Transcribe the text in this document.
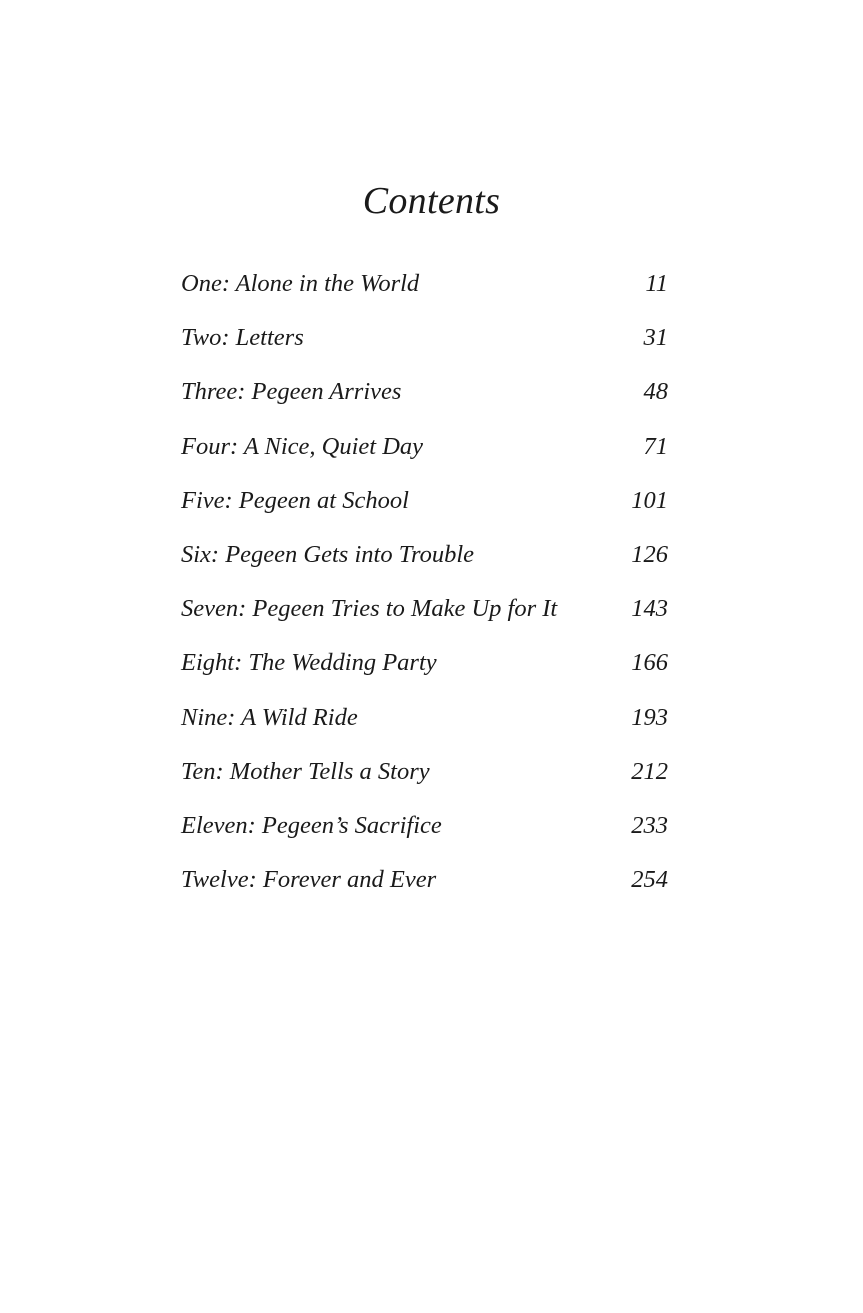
Contents
One: Alone in the World	11
Two: Letters	31
Three: Pegeen Arrives	48
Four: A Nice, Quiet Day	71
Five: Pegeen at School	101
Six: Pegeen Gets into Trouble	126
Seven: Pegeen Tries to Make Up for It	143
Eight: The Wedding Party	166
Nine: A Wild Ride	193
Ten: Mother Tells a Story	212
Eleven: Pegeen’s Sacrifice	233
Twelve: Forever and Ever	254
